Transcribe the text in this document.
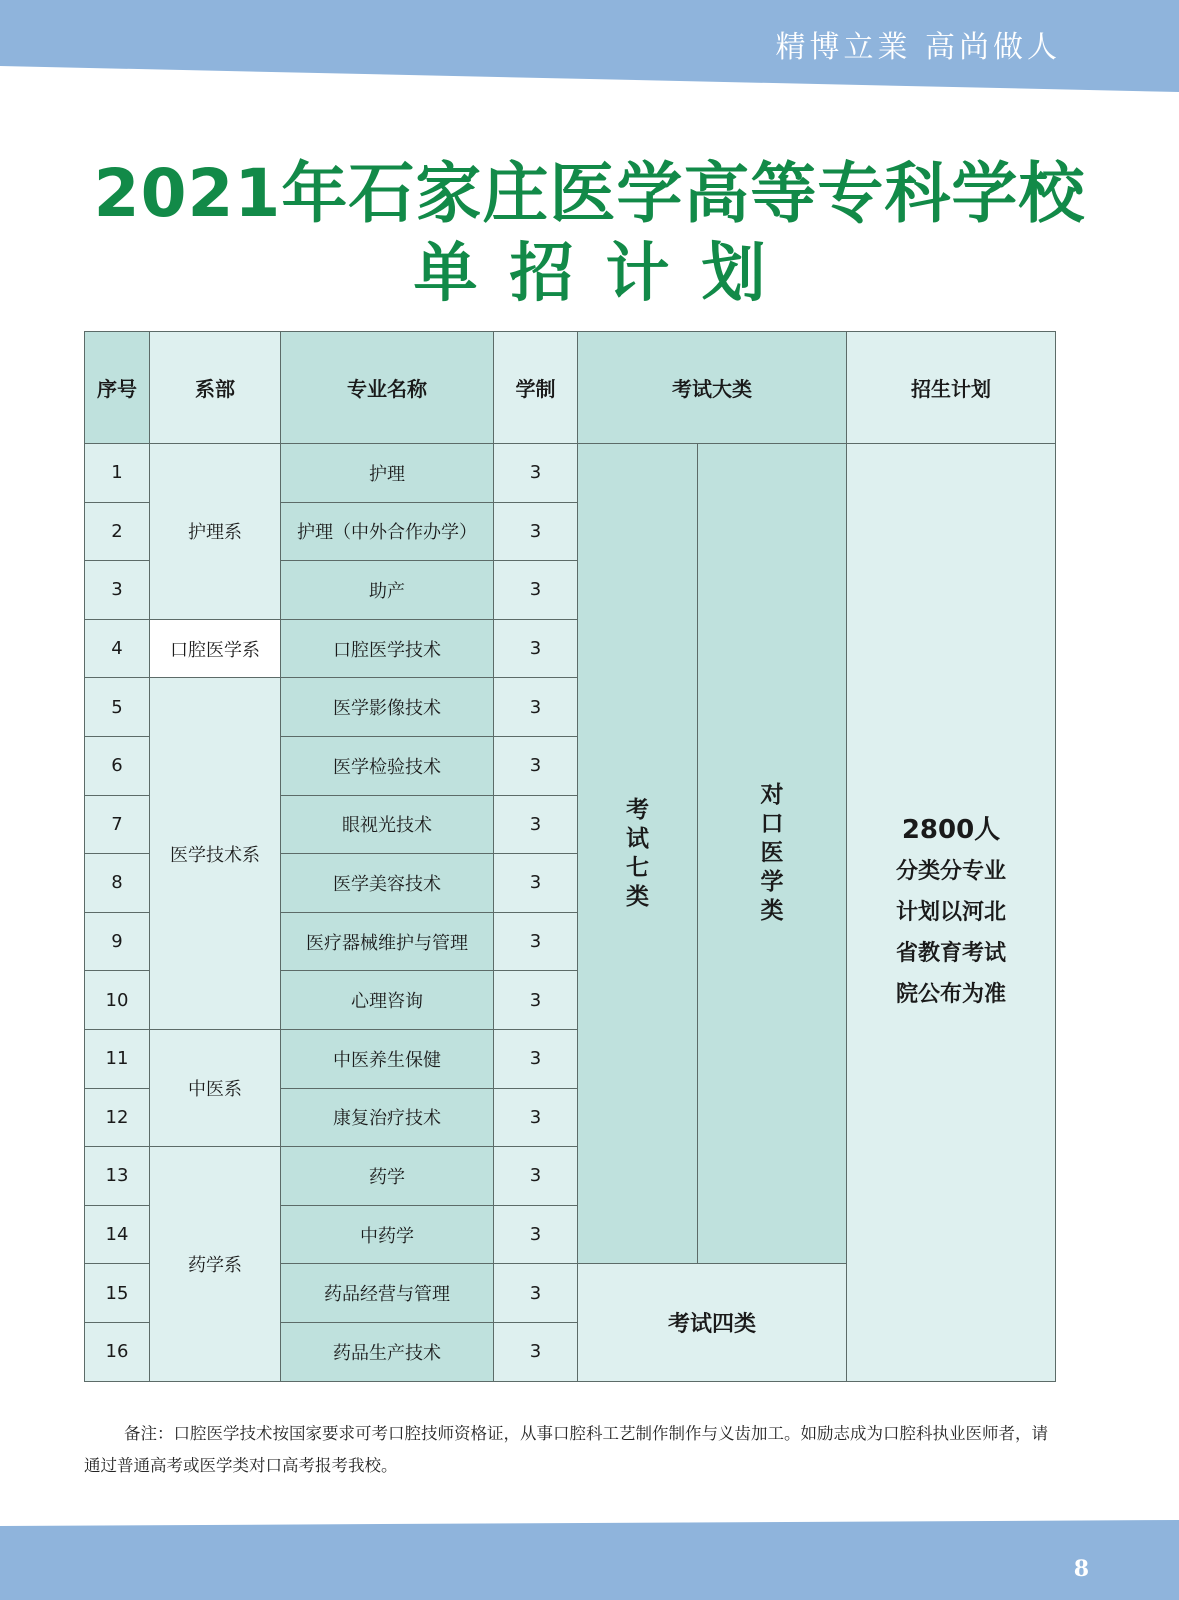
精博立業 高尚做人
2021年石家庄医学高等专科学校
单招计划
序号	系部	专业名称	学制	考试大类		招生计划
1	护理系	护理	3	考试七类	对口医学类	2800人
分类分专业
计划以河北
省教育考试
院公布为准

2		护理（中外合作办学）	3			
3		助产	3			
4	口腔医学系	口腔医学技术	3			
5	医学技术系	医学影像技术	3			
6		医学检验技术	3			
7		眼视光技术	3			
8		医学美容技术	3			
9		医疗器械维护与管理	3			
10		心理咨询	3			
11	中医系	中医养生保健	3			
12		康复治疗技术	3			
13	药学系	药学	3			
14		中药学	3			
15		药品经营与管理	3	考试四类		
16		药品生产技术	3			
备注：口腔医学技术按国家要求可考口腔技师资格证，从事口腔科工艺制作制作与义齿加工。如励志成为口腔科执业医师者，请通过普通高考或医学类对口高考报考我校。
8
